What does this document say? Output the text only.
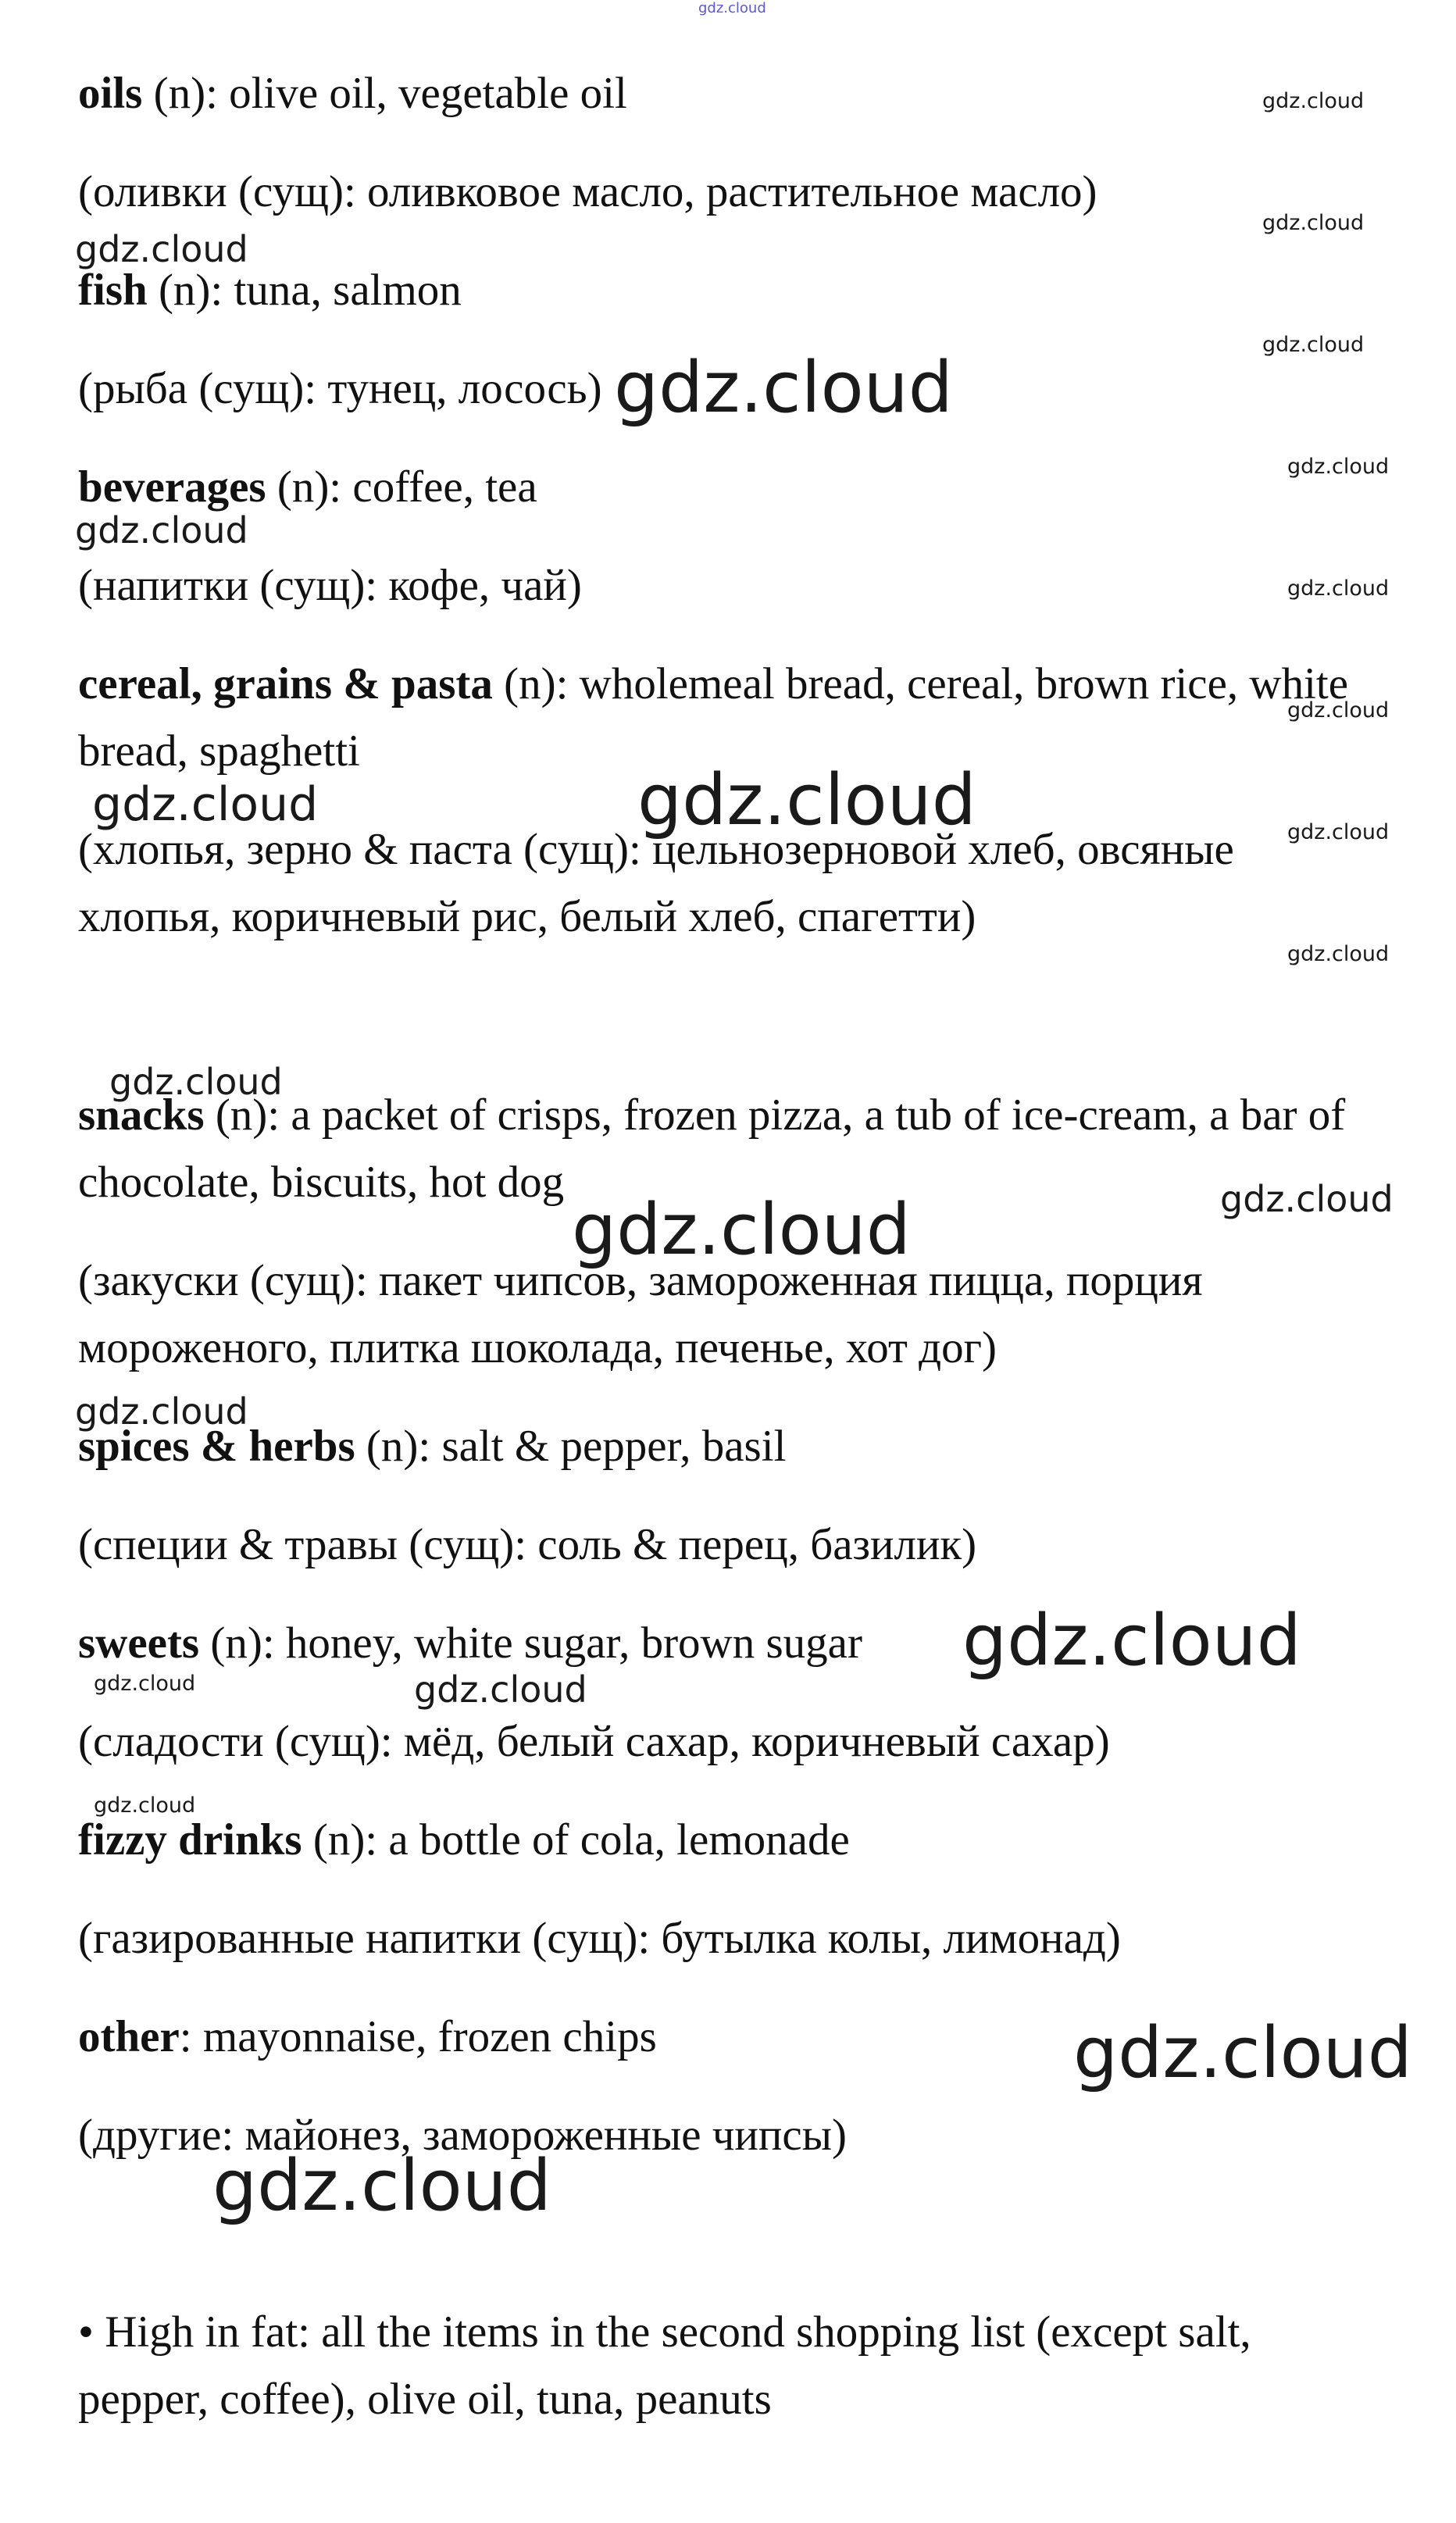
gdz.cloud

oils (n): olive oil, vegetable oil

(оливки (сущ): оливковое масло, растительное масло)

fish (n): tuna, salmon

(рыба (сущ): тунец, лосось)

beverages (n): coffee, tea

(напитки (сущ): кофе, чай)

cereal, grains & pasta (n): wholemeal bread, cereal, brown rice, white

bread, spaghetti

(хлопья, зерно & паста (сущ): цельнозерновой хлеб, овсяные

хлопья, коричневый рис, белый хлеб, спагетти)

snacks (n): a packet of crisps, frozen pizza, a tub of ice-cream, a bar of

chocolate, biscuits, hot dog

(закуски (сущ): пакет чипсов, замороженная пицца, порция

мороженого, плитка шоколада, печенье, хот дог)

spices & herbs (n): salt & pepper, basil

(специи & травы (сущ): соль & перец, базилик)

sweets (n): honey, white sugar, brown sugar

(сладости (сущ): мёд, белый сахар, коричневый сахар)

fizzy drinks (n): a bottle of cola, lemonade

(газированные напитки (сущ): бутылка колы, лимонад)

other: mayonnaise, frozen chips

(другие: майонез, замороженные чипсы)

• High in fat: all the items in the second shopping list (except salt,

pepper, coffee), olive oil, tuna, peanuts

gdz.cloud
gdz.cloud
gdz.cloud
gdz.cloud
gdz.cloud
gdz.cloud
gdz.cloud
gdz.cloud
gdz.cloud
gdz.cloud
gdz.cloud
gdz.cloud
gdz.cloud
gdz.cloud
gdz.cloud
gdz.cloud
gdz.cloud
gdz.cloud
gdz.cloud
gdz.cloud
gdz.cloud
gdz.cloud
gdz.cloud
